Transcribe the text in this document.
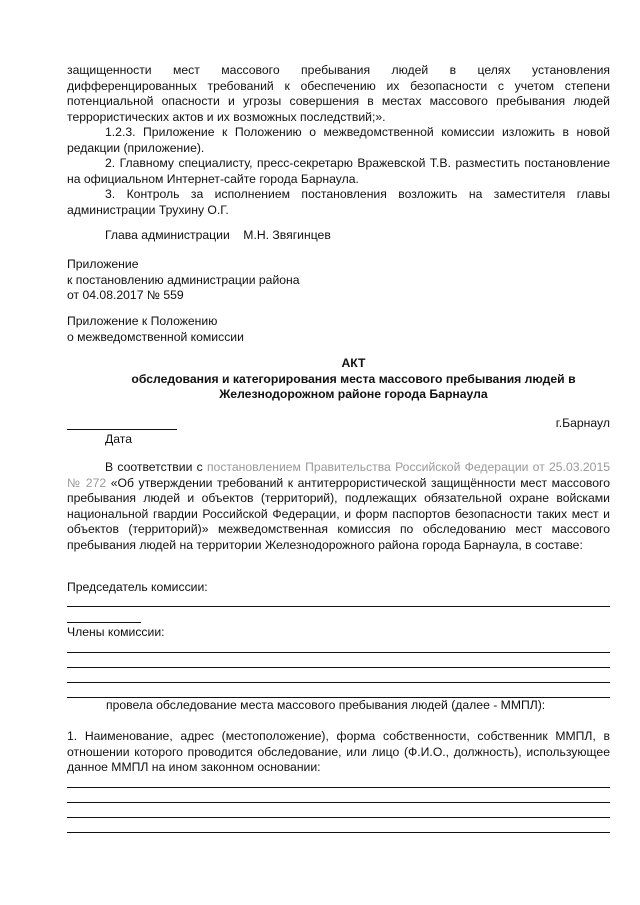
защищенности мест массового пребывания людей в целях установления дифференцированных требований к обеспечению их безопасности с учетом степени потенциальной опасности и угрозы совершения в местах массового пребывания людей террористических актов и их возможных последствий;».

1.2.3. Приложение к Положению о межведомственной комиссии изложить в новой редакции (приложение).

2. Главному специалисту, пресс-секретарю Вражевской Т.В. разместить постановление на официальном Интернет-сайте города Барнаула.

3. Контроль за исполнением постановления возложить на заместителя главы администрации Трухину О.Г.

Глава администрации М.Н. Звягинцев
Приложение
к постановлению администрации района
от 04.08.2017 № 559
Приложение к Положению
о межведомственной комиссии
АКТ
обследования и категорирования места массового пребывания людей в
Железнодорожном районе города Барнаула
г.Барнаул
Дата

В соответствии с постановлением Правительства Российской Федерации от 25.03.2015 № 272 «Об утверждении требований к антитеррористической защищённости мест массового пребывания людей и объектов (территорий), подлежащих обязательной охране войсками национальной гвардии Российской Федерации, и форм паспортов безопасности таких мест и объектов (территорий)» межведомственная комиссия по обследованию мест массового пребывания людей на территории Железнодорожного района города Барнаула, в составе:

Председатель комиссии:
Члены комиссии:
провела обследование места массового пребывания людей (далее - ММПЛ):

1. Наименование, адрес (местоположение), форма собственности, собственник ММПЛ, в отношении которого проводится обследование, или лицо (Ф.И.О., должность), использующее данное ММПЛ на ином законном основании:
